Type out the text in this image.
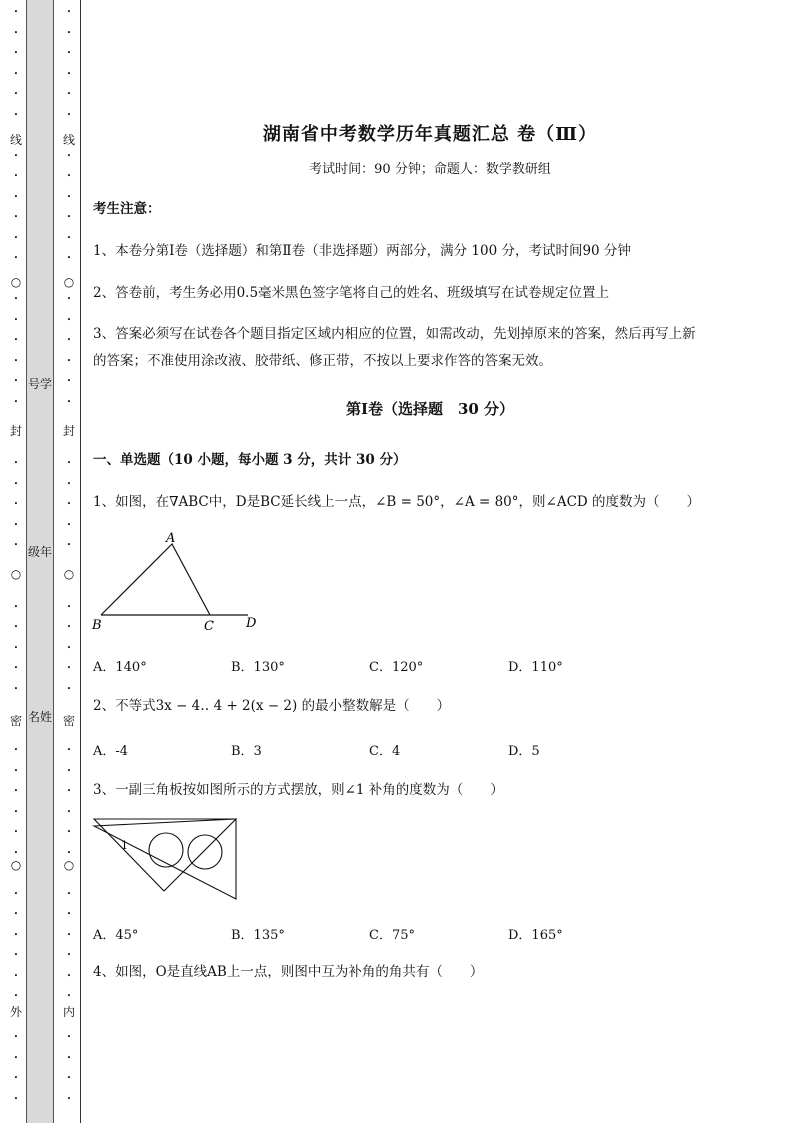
•
•
•
•
•
•
•
•
•
•
•
•
•
•
•
•
•
•
•
•
•
•
•
•
•
•
•
•
•
•
•
•
•
•
•
•
•
•
•
•
•
•
•
•
○
○
○
•
•
•
•
•
•
•
•
•
•
•
•
•
•
•
•
•
•
•
•
•
•
•
•
•
•
•
•
•
•
•
•
•
•
•
•
•
•
•
•
•
•
•
•
○
○
○
线
封
密
外
线
封
密
内
号学
级年
名姓
湖南省中考数学历年真题汇总 卷（Ⅲ）
考试时间：90 分钟；命题人：数学教研组
考生注意：
1、本卷分第Ⅰ卷（选择题）和第Ⅱ卷（非选择题）两部分，满分 100 分，考试时间90 分钟
2、答卷前，考生务必用0.5毫米黑色签字笔将自己的姓名、班级填写在试卷规定位置上
3、答案必须写在试卷各个题目指定区域内相应的位置，如需改动，先划掉原来的答案，然后再写上新
的答案；不准使用涂改液、胶带纸、修正带，不按以上要求作答的答案无效。
第Ⅰ卷（选择题　30 分）
一、单选题（10 小题，每小题 3 分，共计 30 分）
1、如图，在∇ABC中，D是BC延长线上一点，∠B = 50°，∠A = 80°，则∠ACD 的度数为（　　）
A
B	C D
A．140°	B．130°	C．120°	D．110°
2、不等式3x − 4‥ 4 + 2(x − 2) 的最小整数解是（　　）
A．-4	B．3	C．4	D．5
3、一副三角板按如图所示的方式摆放，则∠1 补角的度数为（　　）
1
A．45°	B．135°	C．75°	D．165°
4、如图，O是直线AB上一点，则图中互为补角的角共有（　　）
